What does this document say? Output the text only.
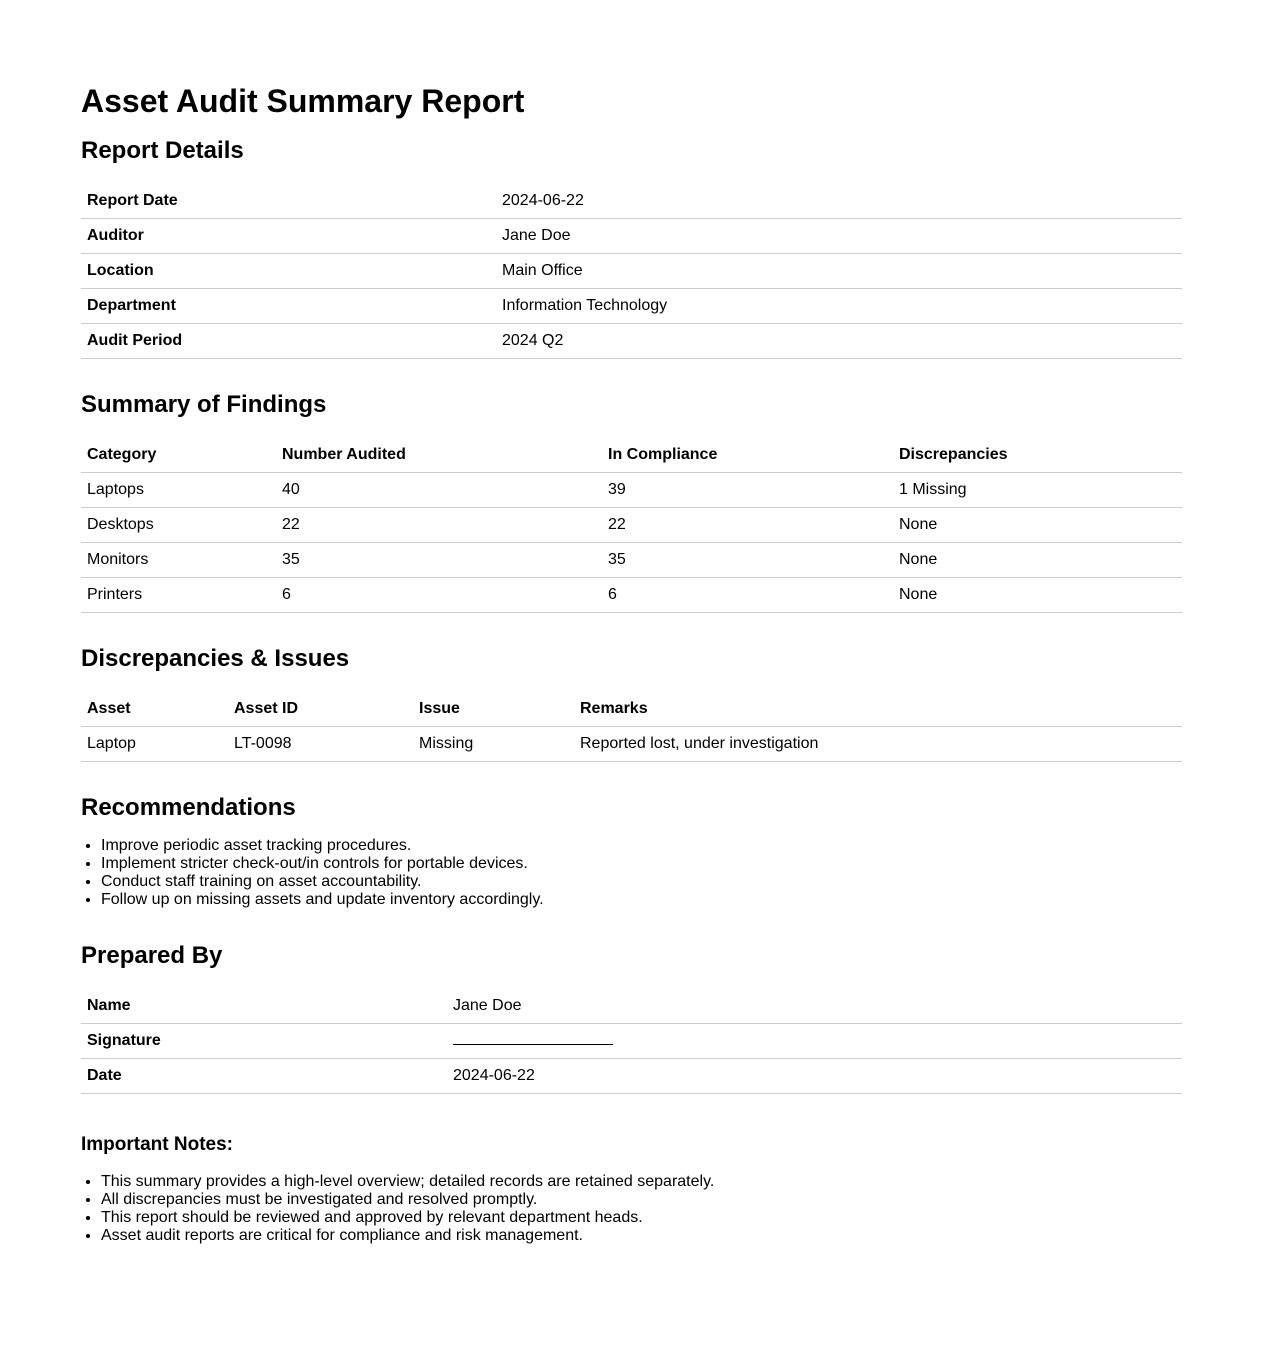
Asset Audit Summary Report
Report Details
Report Date	2024-06-22
Auditor	Jane Doe
Location	Main Office
Department	Information Technology
Audit Period	2024 Q2
Summary of Findings
Category	Number Audited	In Compliance	Discrepancies
Laptops	40	39	1 Missing
Desktops	22	22	None
Monitors	35	35	None
Printers	6	6	None
Discrepancies & Issues
Asset	Asset ID	Issue	Remarks
Laptop	LT-0098	Missing	Reported lost, under investigation
Recommendations
• Improve periodic asset tracking procedures.
• Implement stricter check-out/in controls for portable devices.
• Conduct staff training on asset accountability.
• Follow up on missing assets and update inventory accordingly.
Prepared By
Name	Jane Doe
Signature	
Date	2024-06-22
Important Notes:
• This summary provides a high-level overview; detailed records are retained separately.
• All discrepancies must be investigated and resolved promptly.
• This report should be reviewed and approved by relevant department heads.
• Asset audit reports are critical for compliance and risk management.
